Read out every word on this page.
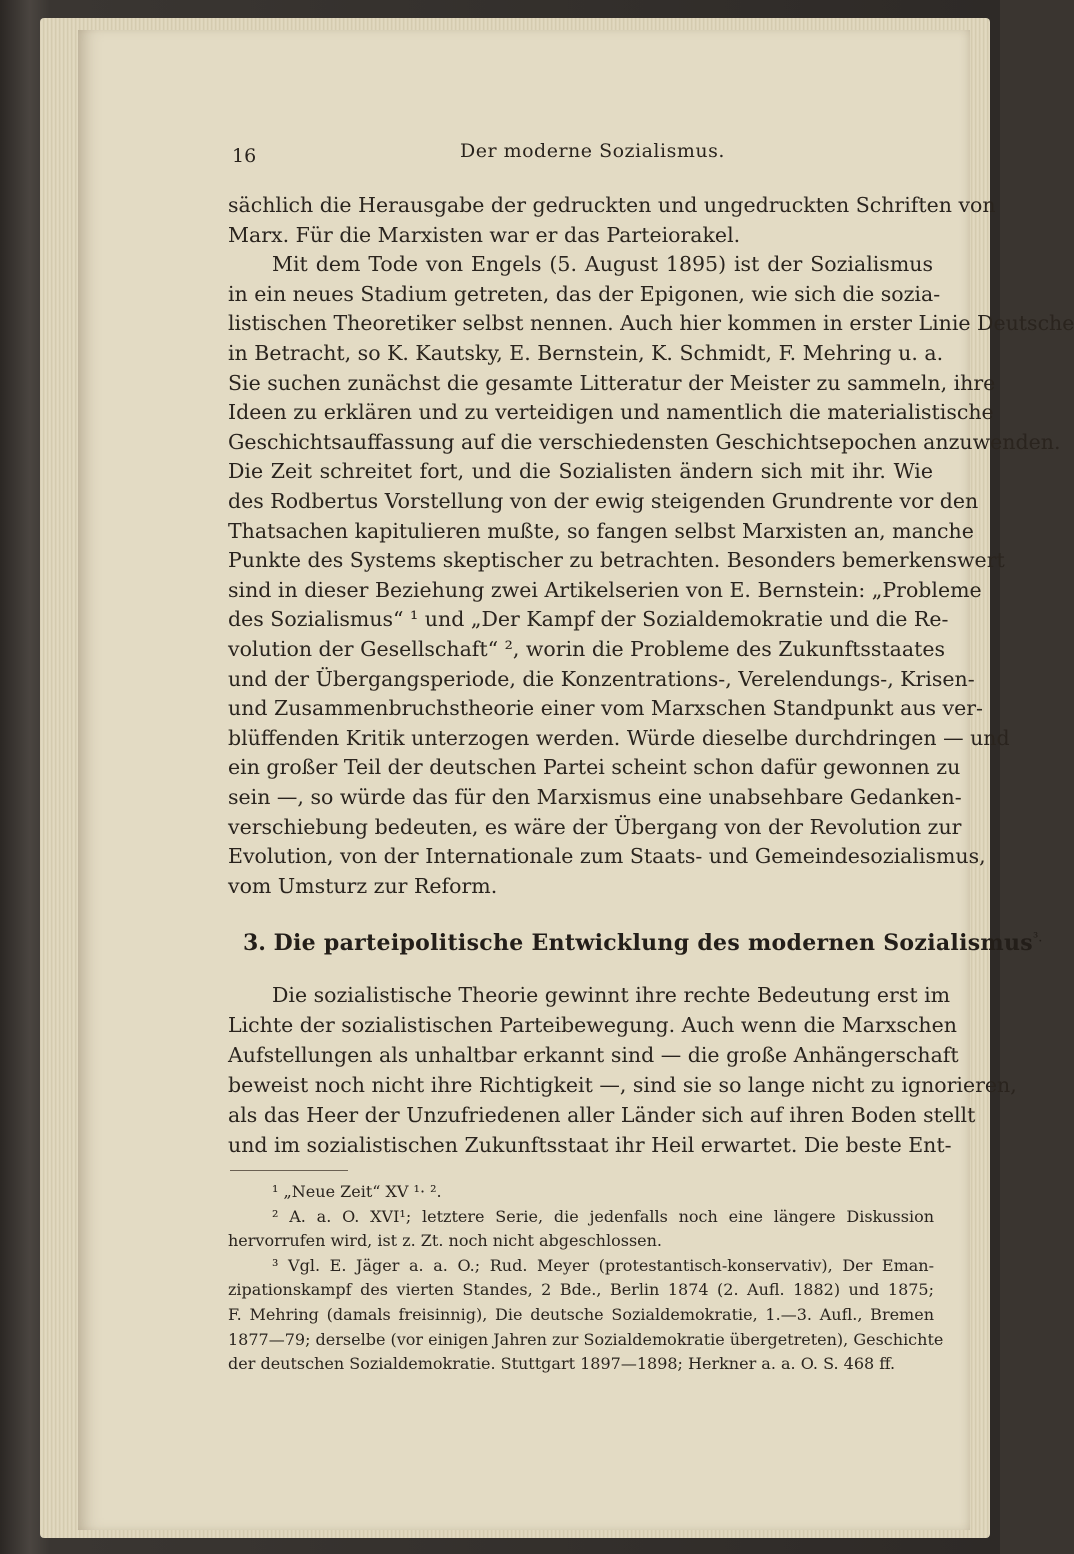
16	Der moderne Sozialismus.
sächlich die Herausgabe der gedruckten und ungedruckten Schriften von
Marx. Für die Marxisten war er das Parteiorakel.
Mit dem Tode von Engels (5. August 1895) ist der Sozialismus
in ein neues Stadium getreten, das der Epigonen, wie sich die sozia-
listischen Theoretiker selbst nennen. Auch hier kommen in erster Linie Deutsche
in Betracht, so K. Kautsky, E. Bernstein, K. Schmidt, F. Mehring u. a.
Sie suchen zunächst die gesamte Litteratur der Meister zu sammeln, ihre
Ideen zu erklären und zu verteidigen und namentlich die materialistische
Geschichtsauffassung auf die verschiedensten Geschichtsepochen anzuwenden.
Die Zeit schreitet fort, und die Sozialisten ändern sich mit ihr. Wie
des Rodbertus Vorstellung von der ewig steigenden Grundrente vor den
Thatsachen kapitulieren mußte, so fangen selbst Marxisten an, manche
Punkte des Systems skeptischer zu betrachten. Besonders bemerkenswert
sind in dieser Beziehung zwei Artikelserien von E. Bernstein: „Probleme
des Sozialismus“ ¹ und „Der Kampf der Sozialdemokratie und die Re-
volution der Gesellschaft“ ², worin die Probleme des Zukunftsstaates
und der Übergangsperiode, die Konzentrations-, Verelendungs-, Krisen-
und Zusammenbruchstheorie einer vom Marxschen Standpunkt aus ver-
blüffenden Kritik unterzogen werden. Würde dieselbe durchdringen — und
ein großer Teil der deutschen Partei scheint schon dafür gewonnen zu
sein —, so würde das für den Marxismus eine unabsehbare Gedanken-
verschiebung bedeuten, es wäre der Übergang von der Revolution zur
Evolution, von der Internationale zum Staats- und Gemeindesozialismus,
vom Umsturz zur Reform.
3. Die parteipolitische Entwicklung des modernen Sozialismus$^{^3.}$
Die sozialistische Theorie gewinnt ihre rechte Bedeutung erst im
Lichte der sozialistischen Parteibewegung. Auch wenn die Marxschen
Aufstellungen als unhaltbar erkannt sind — die große Anhängerschaft
beweist noch nicht ihre Richtigkeit —, sind sie so lange nicht zu ignorieren,
als das Heer der Unzufriedenen aller Länder sich auf ihren Boden stellt
und im sozialistischen Zukunftsstaat ihr Heil erwartet. Die beste Ent-
¹ „Neue Zeit“ XV ¹· ².
² A. a. O. XVI¹; letztere Serie, die jedenfalls noch eine längere Diskussion
hervorrufen wird, ist z. Zt. noch nicht abgeschlossen.
³ Vgl. E. Jäger a. a. O.; Rud. Meyer (protestantisch-konservativ), Der Eman-
zipationskampf des vierten Standes, 2 Bde., Berlin 1874 (2. Aufl. 1882) und 1875;
F. Mehring (damals freisinnig), Die deutsche Sozialdemokratie, 1.—3. Aufl., Bremen
1877—79; derselbe (vor einigen Jahren zur Sozialdemokratie übergetreten), Geschichte
der deutschen Sozialdemokratie. Stuttgart 1897—1898; Herkner a. a. O. S. 468 ff.
